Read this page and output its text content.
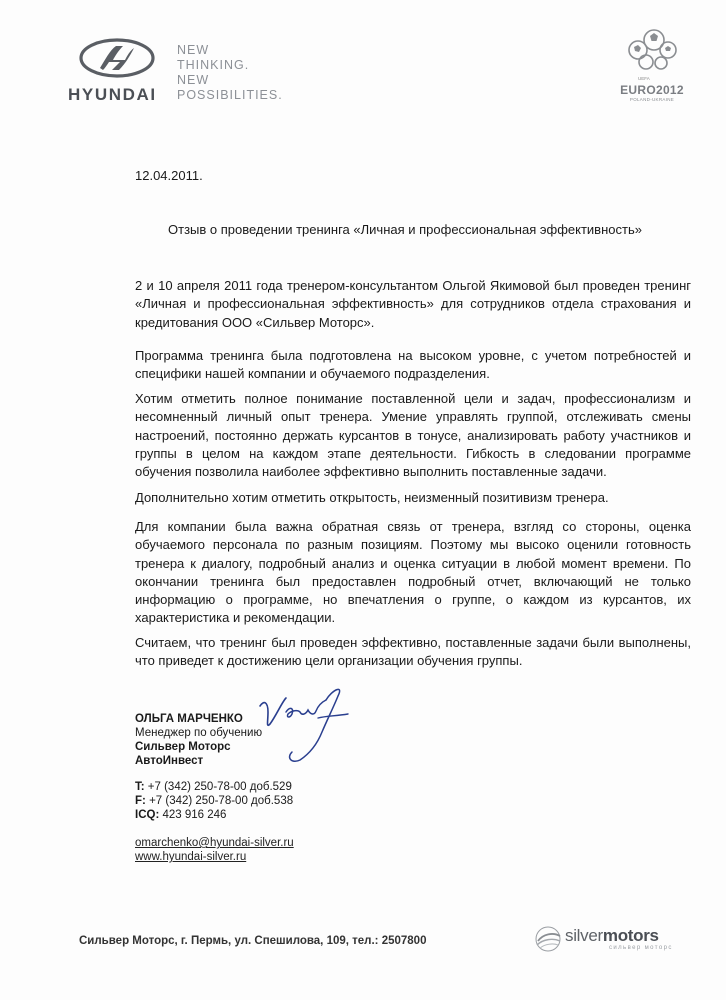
HYUNDAI
NEW
THINKING.
NEW
POSSIBILITIES.
UEFA
EURO2012
POLAND-UKRAINE
12.04.2011.
Отзыв о проведении тренинга «Личная и профессиональная эффективность»
2 и 10 апреля 2011 года тренером-консультантом Ольгой Якимовой был проведен тренинг «Личная и профессиональная эффективность» для сотрудников отдела страхования и кредитования ООО «Сильвер Моторс».
Программа тренинга была подготовлена на высоком уровне, с учетом потребностей и специфики нашей компании и обучаемого подразделения.
Хотим отметить полное понимание поставленной цели и задач, профессионализм и несомненный личный опыт тренера. Умение управлять группой, отслеживать смены настроений, постоянно держать курсантов в тонусе, анализировать работу участников и группы в целом на каждом этапе деятельности. Гибкость в следовании программе обучения позволила наиболее эффективно выполнить поставленные задачи.
Дополнительно хотим отметить открытость, неизменный позитивизм тренера.
Для компании была важна обратная связь от тренера, взгляд со стороны, оценка обучаемого персонала по разным позициям. Поэтому мы высоко оценили готовность тренера к диалогу, подробный анализ и оценка ситуации в любой момент времени. По окончании тренинга был предоставлен подробный отчет, включающий не только информацию о программе, но впечатления о группе, о каждом из курсантов, их характеристика и рекомендации.
Считаем, что тренинг был проведен эффективно, поставленные задачи были выполнены, что приведет к достижению цели организации обучения группы.
ОЛЬГА МАРЧЕНКО
Менеджер по обучению
Сильвер Моторс
АвтоИнвест
T: +7 (342) 250-78-00 доб.529
F: +7 (342) 250-78-00 доб.538
ICQ: 423 916 246
omarchenko@hyundai-silver.ru
www.hyundai-silver.ru
Сильвер Моторс, г. Пермь, ул. Спешилова, 109, тел.: 2507800	silvermotors
сильвер моторс
